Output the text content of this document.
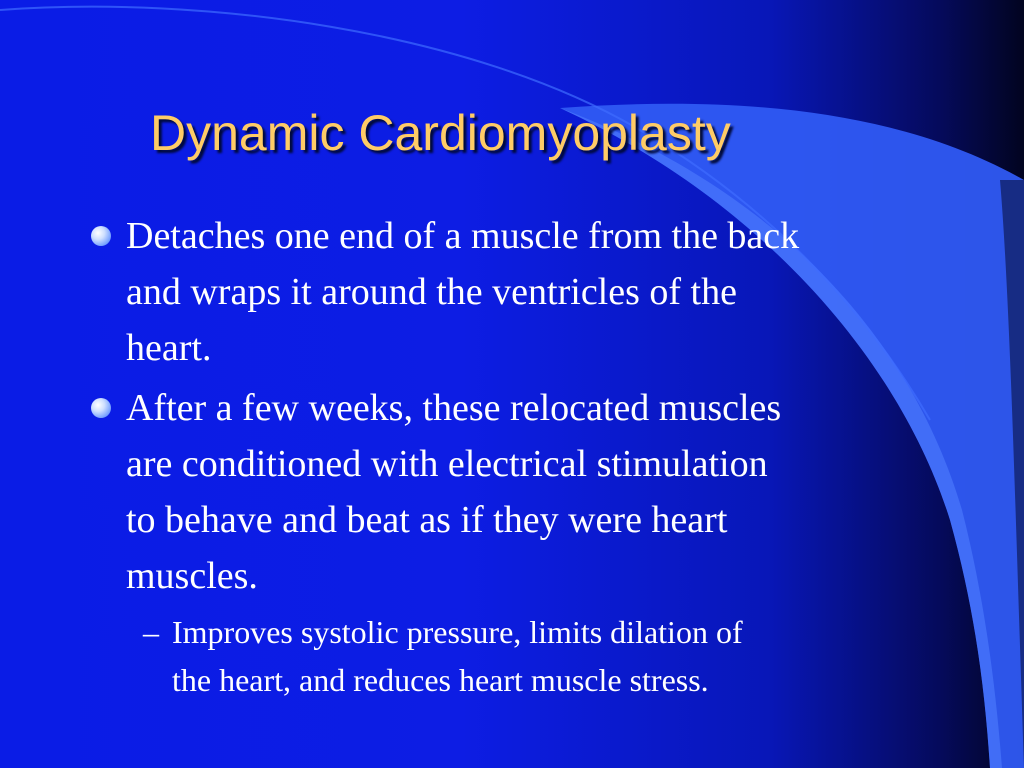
Dynamic Cardiomyoplasty
Detaches one end of a muscle from the back
and wraps it around the ventricles of the
heart.
After a few weeks, these relocated muscles
are conditioned with electrical stimulation
to behave and beat as if they were heart
muscles.
– Improves systolic pressure, limits dilation of
the heart, and reduces heart muscle stress.
